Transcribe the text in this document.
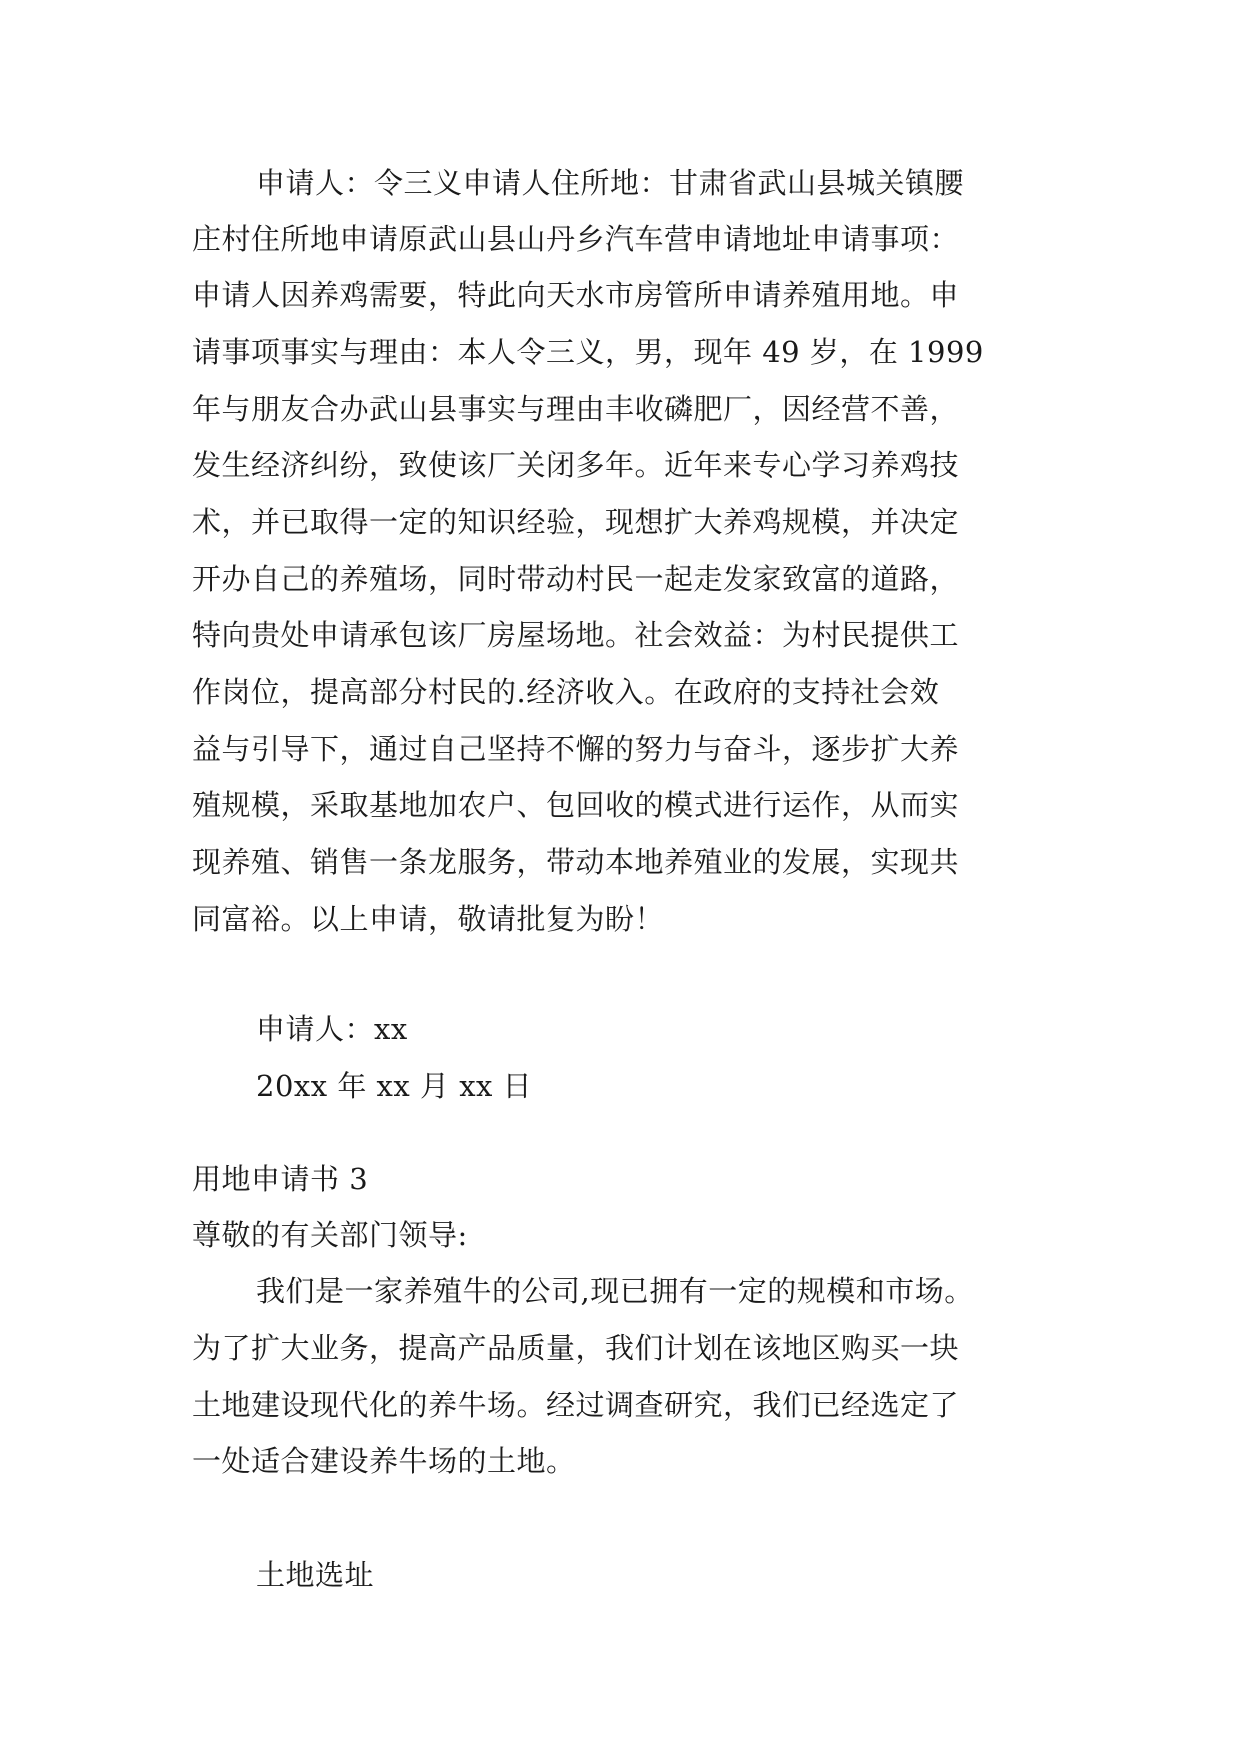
申请人：令三义申请人住所地：甘肃省武山县城关镇腰
庄村住所地申请原武山县山丹乡汽车营申请地址申请事项：
申请人因养鸡需要，特此向天水市房管所申请养殖用地。申
请事项事实与理由：本人令三义，男，现年 49 岁，在 1999
年与朋友合办武山县事实与理由丰收磷肥厂，因经营不善，
发生经济纠纷，致使该厂关闭多年。近年来专心学习养鸡技
术，并已取得一定的知识经验，现想扩大养鸡规模，并决定
开办自己的养殖场，同时带动村民一起走发家致富的道路，
特向贵处申请承包该厂房屋场地。社会效益：为村民提供工
作岗位，提高部分村民的.经济收入。在政府的支持社会效
益与引导下，通过自己坚持不懈的努力与奋斗，逐步扩大养
殖规模，采取基地加农户、包回收的模式进行运作，从而实
现养殖、销售一条龙服务，带动本地养殖业的发展，实现共
同富裕。以上申请，敬请批复为盼！
申请人：xx
20xx 年 xx 月 xx 日
用地申请书 3
尊敬的有关部门领导:
我们是一家养殖牛的公司,现已拥有一定的规模和市场。
为了扩大业务，提高产品质量，我们计划在该地区购买一块
土地建设现代化的养牛场。经过调查研究，我们已经选定了
一处适合建设养牛场的土地。
土地选址
